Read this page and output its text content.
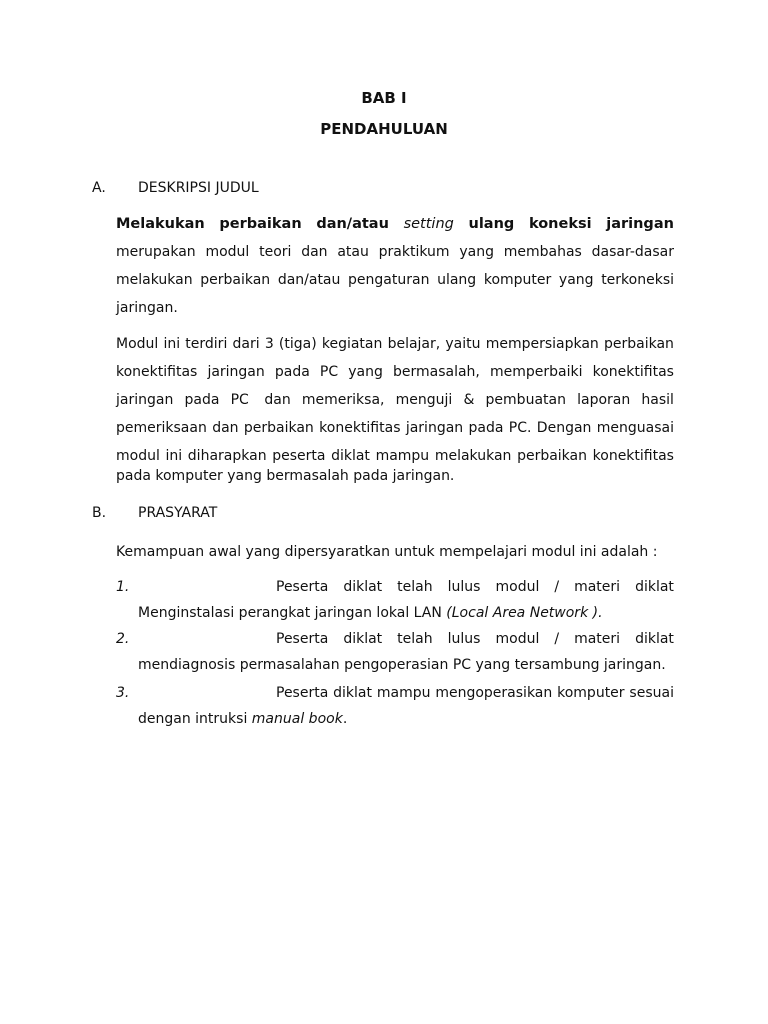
BAB I
PENDAHULUAN
A. DESKRIPSI JUDUL
Melakukan perbaikan dan/atau setting ulang koneksi jaringan
merupakan modul teori dan atau praktikum yang membahas dasar-dasar
melakukan perbaikan dan/atau pengaturan ulang komputer yang terkoneksi
jaringan.
Modul ini terdiri dari 3 (tiga) kegiatan belajar, yaitu mempersiapkan perbaikan
konektifitas jaringan pada PC yang bermasalah, memperbaiki konektifitas
jaringan pada PC dan memeriksa, menguji & pembuatan laporan hasil
pemeriksaan dan perbaikan konektifitas jaringan pada PC. Dengan menguasai
modul ini diharapkan peserta diklat mampu melakukan perbaikan konektifitas
pada komputer yang bermasalah pada jaringan.
B. PRASYARAT
Kemampuan awal yang dipersyaratkan untuk mempelajari modul ini adalah :
1.	Peserta diklat telah lulus modul / materi diklat
Menginstalasi perangkat jaringan lokal LAN (Local Area Network ).
2.	Peserta diklat telah lulus modul / materi diklat
mendiagnosis permasalahan pengoperasian PC yang tersambung jaringan.
3.	Peserta diklat mampu mengoperasikan komputer sesuai
dengan intruksi manual book.
